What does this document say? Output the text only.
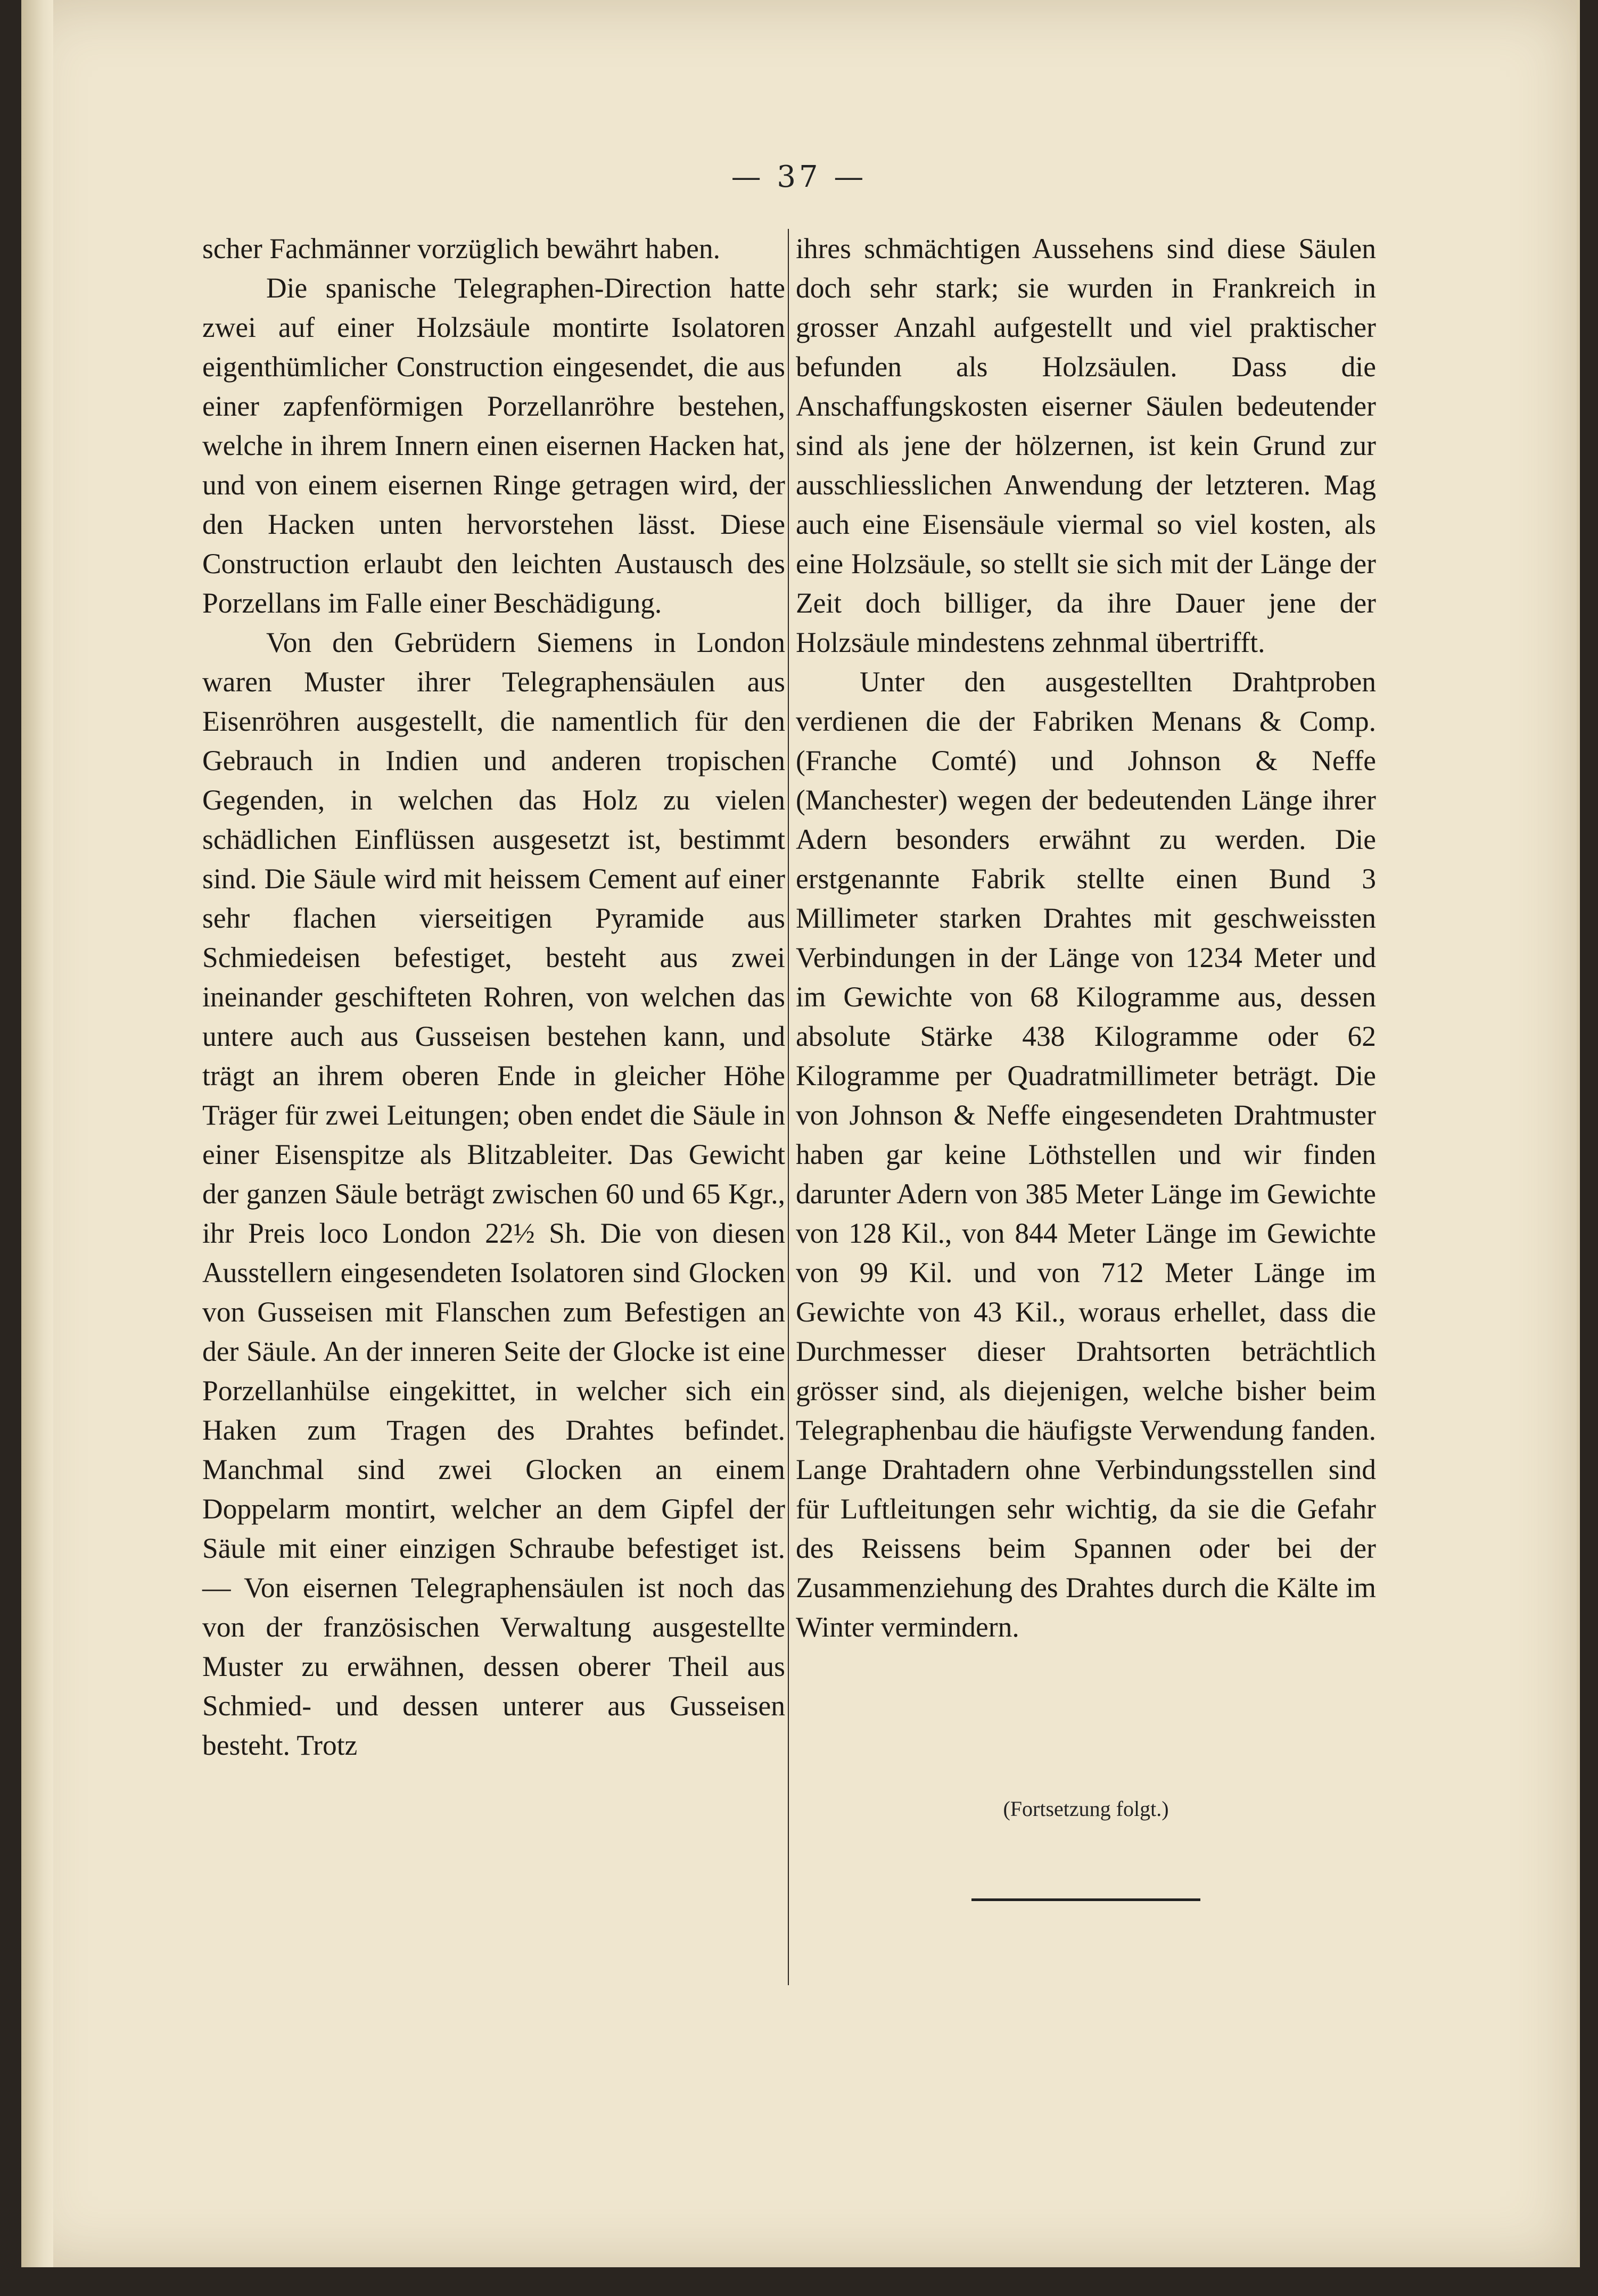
— 37 —

scher Fachmänner vorzüglich bewährt haben.

Die spanische Telegraphen-Direction hatte zwei auf einer Holzsäule montirte Isolatoren eigenthümlicher Construction eingesendet, die aus einer zapfenförmigen Porzellanröhre bestehen, welche in ihrem Innern einen eisernen Hacken hat, und von einem eisernen Ringe getragen wird, der den Hacken unten hervorstehen lässt. Diese Construction erlaubt den leichten Austausch des Porzellans im Falle einer Beschädigung.

Von den Gebrüdern Siemens in London waren Muster ihrer Telegraphensäulen aus Eisenröhren ausgestellt, die namentlich für den Gebrauch in Indien und anderen tropischen Gegenden, in welchen das Holz zu vielen schädlichen Einflüssen ausgesetzt ist, bestimmt sind. Die Säule wird mit heissem Cement auf einer sehr flachen vierseitigen Pyramide aus Schmiedeisen befestiget, besteht aus zwei ineinander geschifteten Rohren, von welchen das untere auch aus Gusseisen bestehen kann, und trägt an ihrem oberen Ende in gleicher Höhe Träger für zwei Leitungen; oben endet die Säule in einer Eisenspitze als Blitzableiter. Das Gewicht der ganzen Säule beträgt zwischen 60 und 65 Kgr., ihr Preis loco London 22½ Sh. Die von diesen Ausstellern eingesendeten Isolatoren sind Glocken von Gusseisen mit Flanschen zum Befestigen an der Säule. An der inneren Seite der Glocke ist eine Porzellanhülse eingekittet, in welcher sich ein Haken zum Tragen des Drahtes befindet. Manchmal sind zwei Glocken an einem Doppelarm montirt, welcher an dem Gipfel der Säule mit einer einzigen Schraube befestiget ist. — Von eisernen Telegraphensäulen ist noch das von der französischen Verwaltung ausgestellte Muster zu erwähnen, dessen oberer Theil aus Schmied- und dessen unterer aus Gusseisen besteht. Trotz

ihres schmächtigen Aussehens sind diese Säulen doch sehr stark; sie wurden in Frankreich in grosser Anzahl aufgestellt und viel praktischer befunden als Holzsäulen. Dass die Anschaffungskosten eiserner Säulen bedeutender sind als jene der hölzernen, ist kein Grund zur ausschliesslichen Anwendung der letzteren. Mag auch eine Eisensäule viermal so viel kosten, als eine Holzsäule, so stellt sie sich mit der Länge der Zeit doch billiger, da ihre Dauer jene der Holzsäule mindestens zehnmal übertrifft.

Unter den ausgestellten Drahtproben verdienen die der Fabriken Menans & Comp. (Franche Comté) und Johnson & Neffe (Manchester) wegen der bedeutenden Länge ihrer Adern besonders erwähnt zu werden. Die erstgenannte Fabrik stellte einen Bund 3 Millimeter starken Drahtes mit geschweissten Verbindungen in der Länge von 1234 Meter und im Gewichte von 68 Kilogramme aus, dessen absolute Stärke 438 Kilogramme oder 62 Kilogramme per Quadratmillimeter beträgt. Die von Johnson & Neffe eingesendeten Drahtmuster haben gar keine Löthstellen und wir finden darunter Adern von 385 Meter Länge im Gewichte von 128 Kil., von 844 Meter Länge im Gewichte von 99 Kil. und von 712 Meter Länge im Gewichte von 43 Kil., woraus erhellet, dass die Durchmesser dieser Drahtsorten beträchtlich grösser sind, als diejenigen, welche bisher beim Telegraphenbau die häufigste Verwendung fanden. Lange Drahtadern ohne Verbindungsstellen sind für Luftleitungen sehr wichtig, da sie die Gefahr des Reissens beim Spannen oder bei der Zusammenziehung des Drahtes durch die Kälte im Winter vermindern.

(Fortsetzung folgt.)
